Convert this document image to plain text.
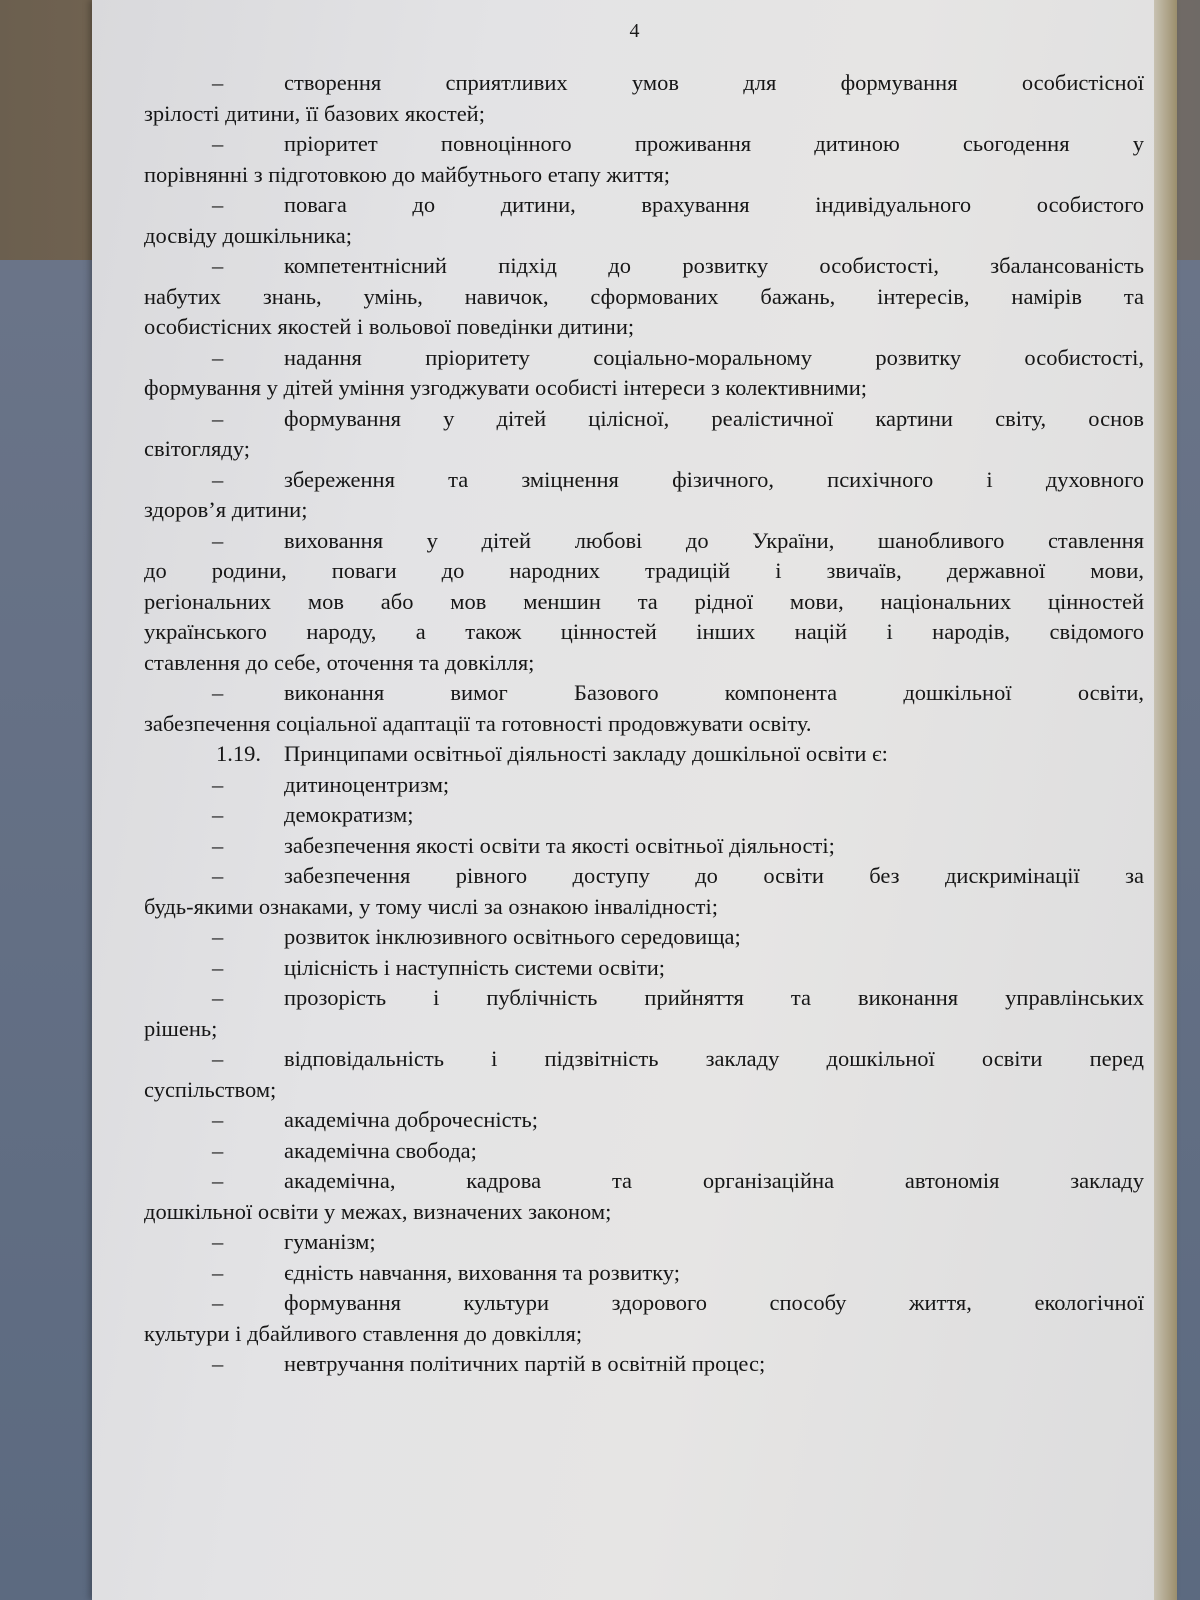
4
–	створення сприятливих умов для формування особистісної
зрілості дитини, її базових якостей;
–	пріоритет повноцінного проживання дитиною сьогодення у
порівнянні з підготовкою до майбутнього етапу життя;
–	повага до дитини, врахування індивідуального особистого
досвіду дошкільника;
–	компетентнісний підхід до розвитку особистості, збалансованість
набутих знань, умінь, навичок, сформованих бажань, інтересів, намірів та
особистісних якостей і вольової поведінки дитини;
–	надання пріоритету соціально-моральному розвитку особистості,
формування у дітей уміння узгоджувати особисті інтереси з колективними;
–	формування у дітей цілісної, реалістичної картини світу, основ
світогляду;
–	збереження та зміцнення фізичного, психічного і духовного
здоров’я дитини;
–	виховання у дітей любові до України, шанобливого ставлення
до родини, поваги до народних традицій і звичаїв, державної мови,
регіональних мов або мов меншин та рідної мови, національних цінностей
українського народу, а також цінностей інших націй і народів, свідомого
ставлення до себе, оточення та довкілля;
–	виконання вимог Базового компонента дошкільної освіти,
забезпечення соціальної адаптації та готовності продовжувати освіту.
1.19.	Принципами освітньої діяльності закладу дошкільної освіти є:
–	дитиноцентризм;
–	демократизм;
–	забезпечення якості освіти та якості освітньої діяльності;
–	забезпечення рівного доступу до освіти без дискримінації за
будь-якими ознаками, у тому числі за ознакою інвалідності;
–	розвиток інклюзивного освітнього середовища;
–	цілісність і наступність системи освіти;
–	прозорість і публічність прийняття та виконання управлінських
рішень;
–	відповідальність і підзвітність закладу дошкільної освіти перед
суспільством;
–	академічна доброчесність;
–	академічна свобода;
–	академічна, кадрова та організаційна автономія закладу
дошкільної освіти у межах, визначених законом;
–	гуманізм;
–	єдність навчання, виховання та розвитку;
–	формування культури здорового способу життя, екологічної
культури і дбайливого ставлення до довкілля;
–	невтручання політичних партій в освітній процес;
